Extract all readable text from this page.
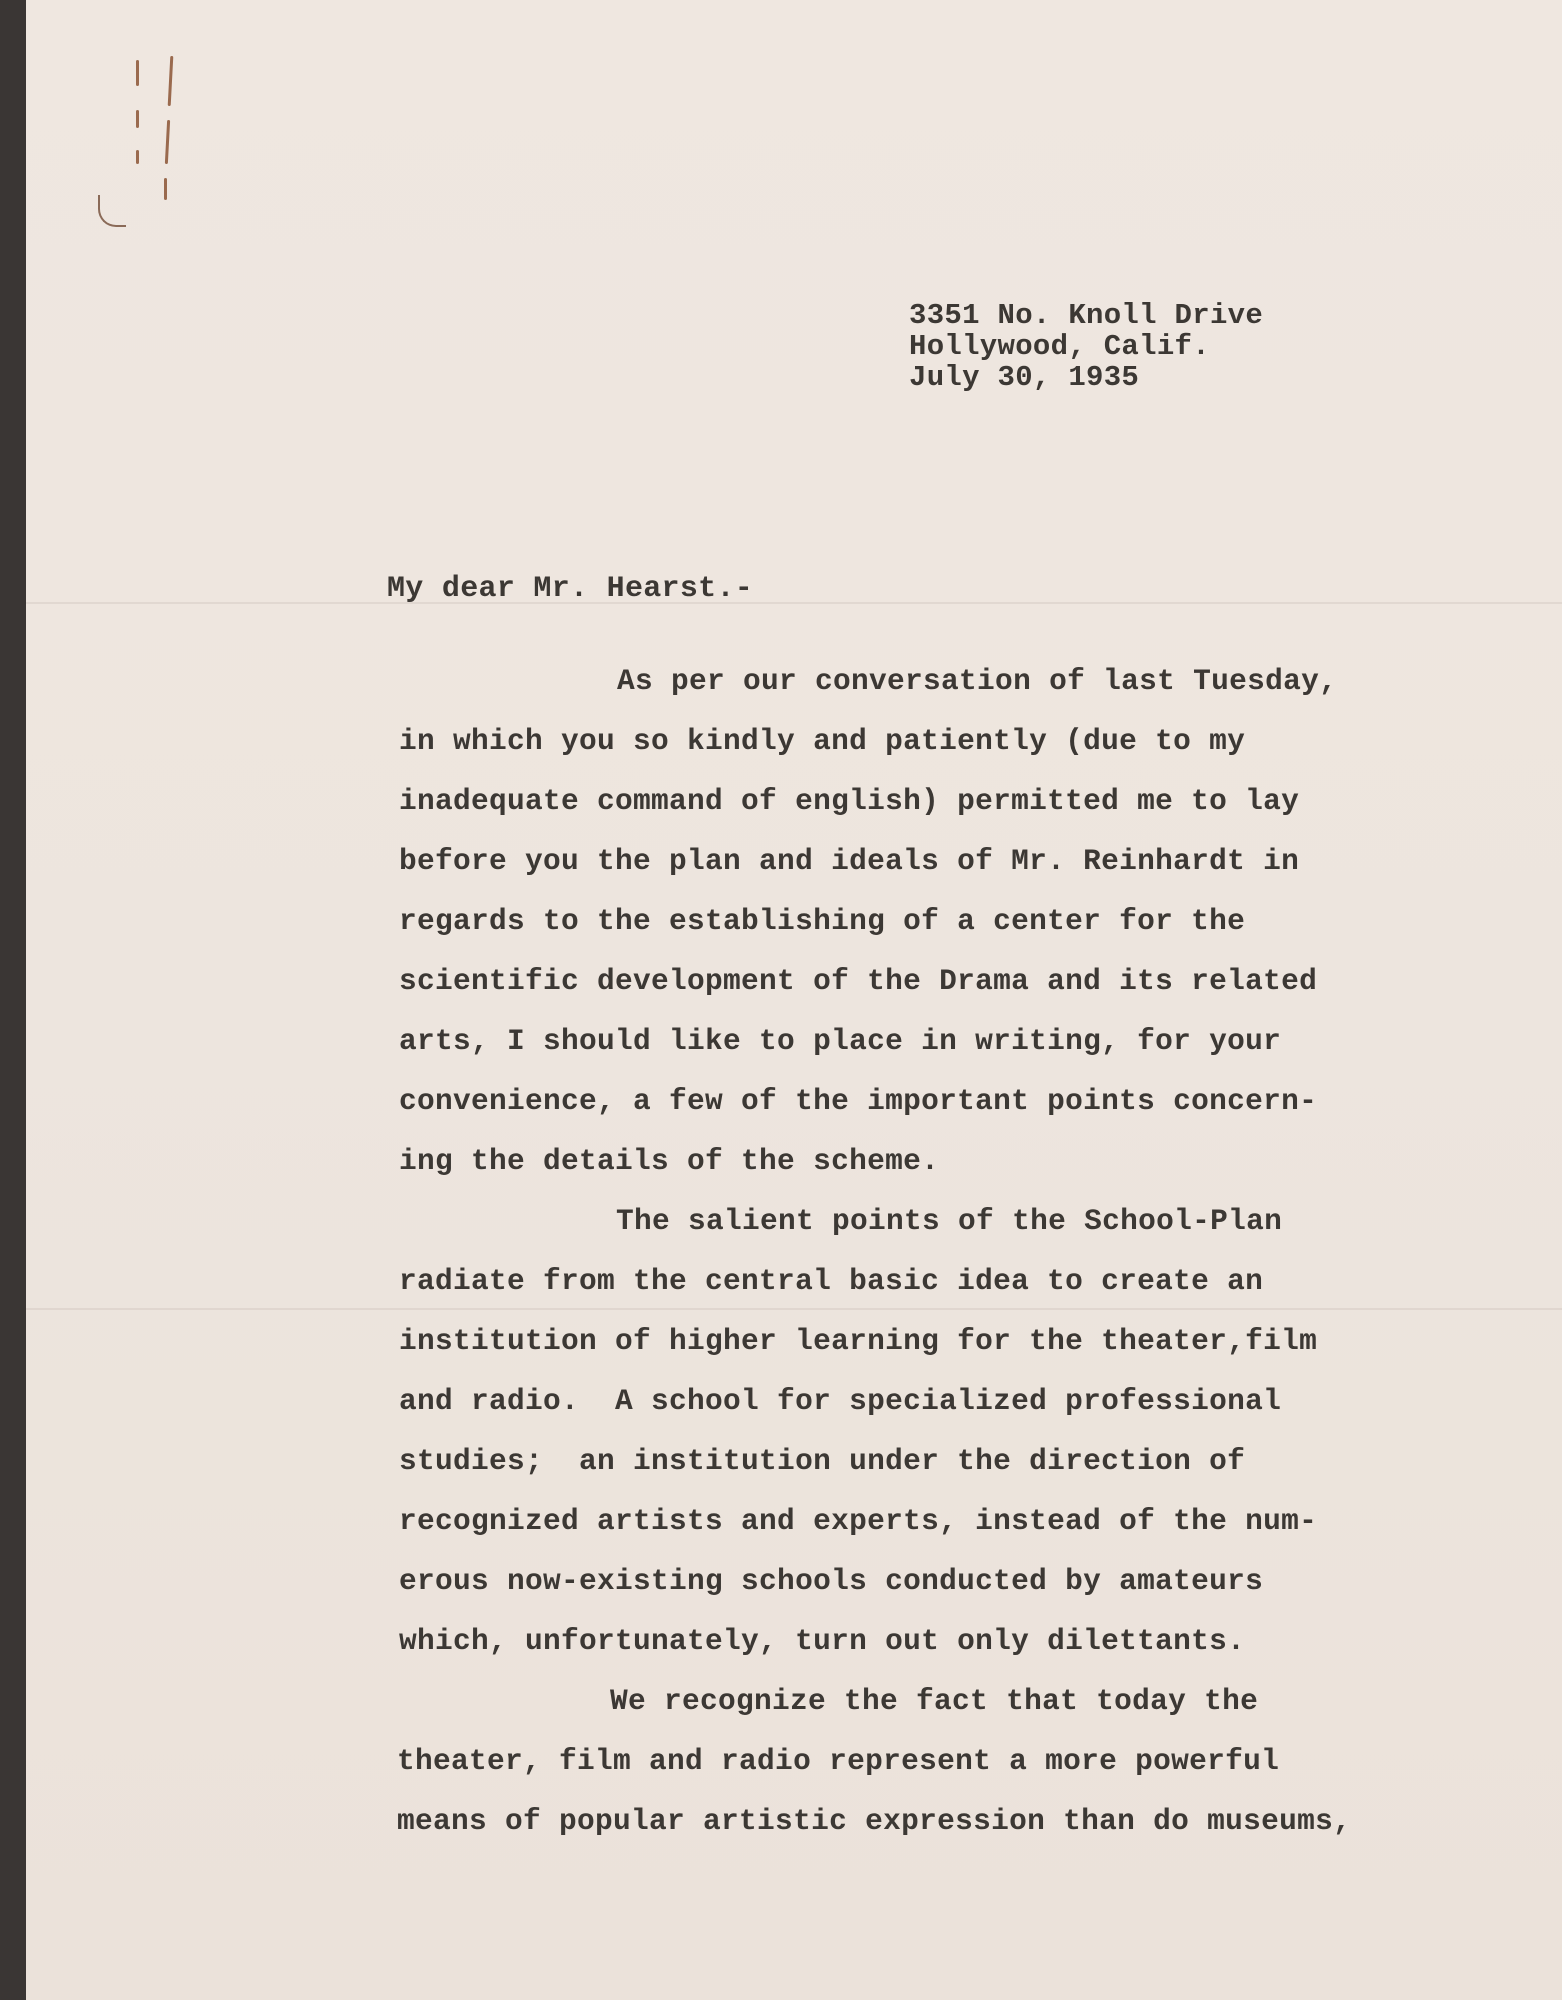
3351 No. Knoll Drive
Hollywood, Calif.
July 30, 1935
My dear Mr. Hearst.-
As per our conversation of last Tuesday,
in which you so kindly and patiently (due to my
inadequate command of english) permitted me to lay
before you the plan and ideals of Mr. Reinhardt in
regards to the establishing of a center for the
scientific development of the Drama and its related
arts, I should like to place in writing, for your
convenience, a few of the important points concern-
ing the details of the scheme.
The salient points of the School-Plan
radiate from the central basic idea to create an
institution of higher learning for the theater,film
and radio.  A school for specialized professional
studies;  an institution under the direction of
recognized artists and experts, instead of the num-
erous now-existing schools conducted by amateurs
which, unfortunately, turn out only dilettants.
We recognize the fact that today the
theater, film and radio represent a more powerful
means of popular artistic expression than do museums,
